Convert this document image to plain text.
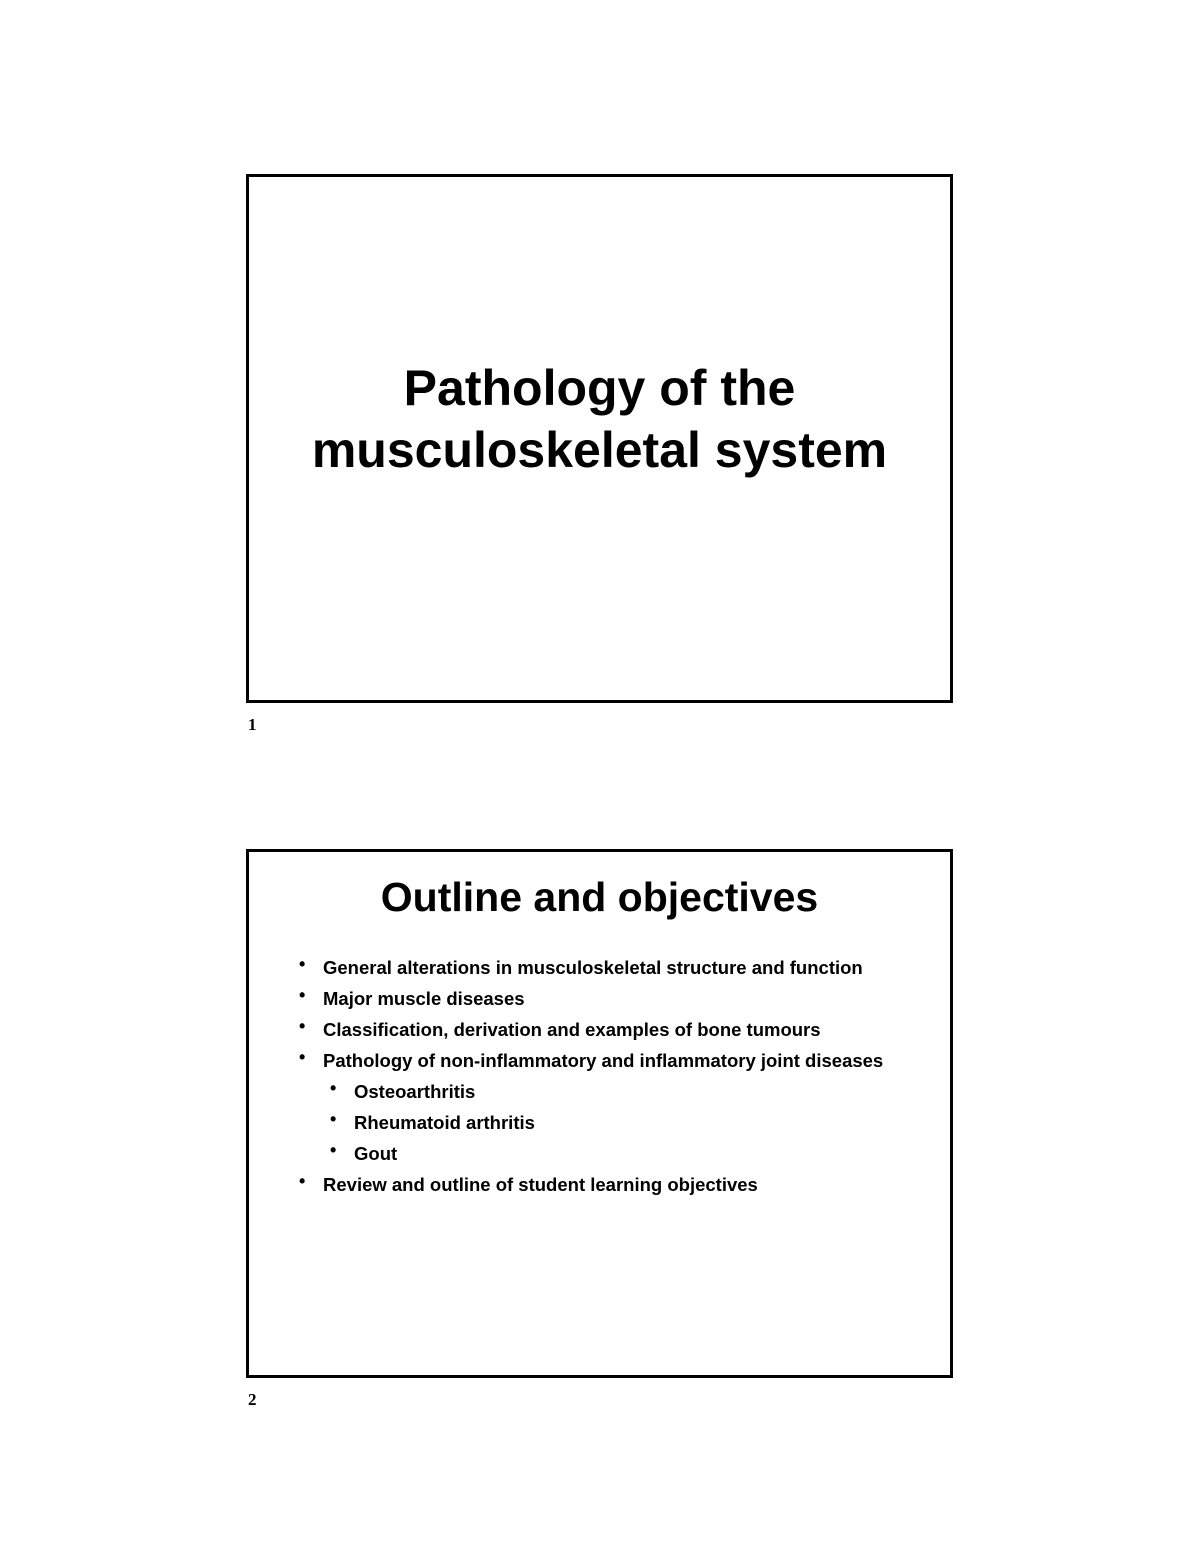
Pathology of the
musculoskeletal system
1
Outline and objectives
• General alterations in musculoskeletal structure and function
• Major muscle diseases
• Classification, derivation and examples of bone tumours
• Pathology of non-inflammatory and inflammatory joint diseases
• Osteoarthritis
• Rheumatoid arthritis
• Gout
• Review and outline of student learning objectives
2
